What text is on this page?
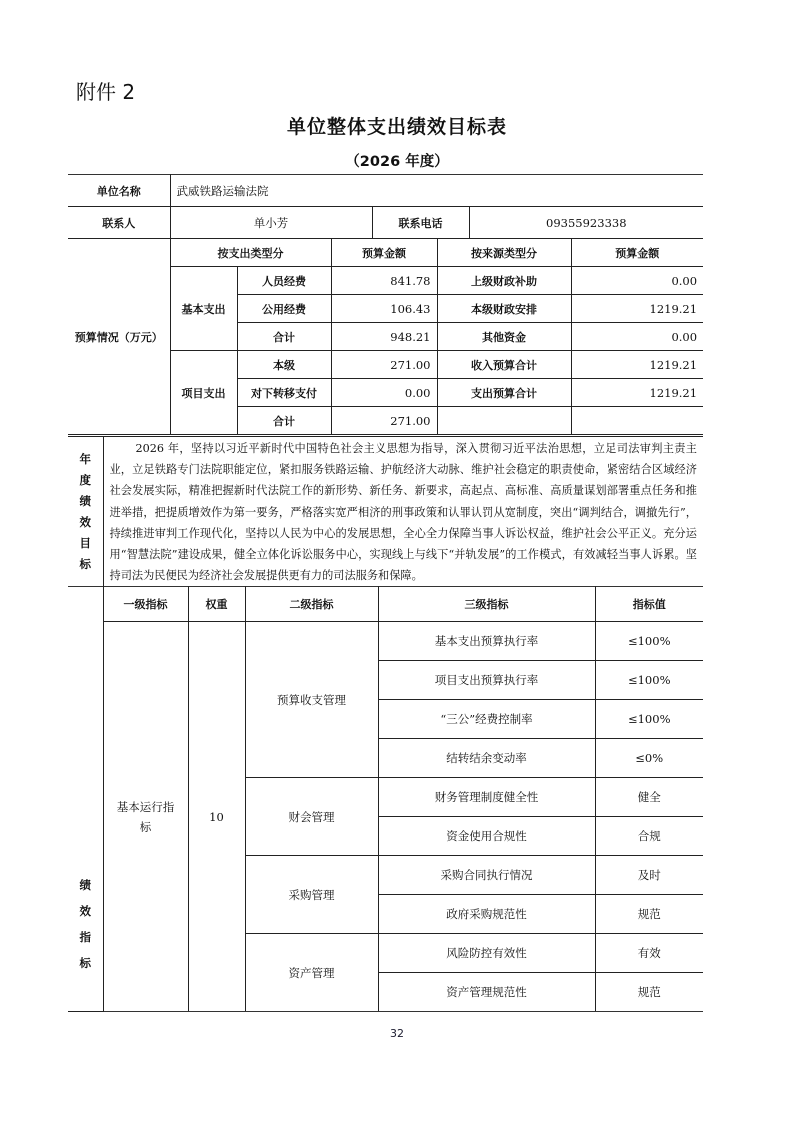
附件 2
单位整体支出绩效目标表
（2026 年度）
单位名称	武威铁路运输法院						
联系人	单小芳			联系电话		09355923338	
预算情况（万元）	按支出类型分		预算金额		按来源类型分		预算金额
	基本支出	人员经费	841.78		上级财政补助		0.00
		公用经费	106.43		本级财政安排		1219.21
		合计	948.21		其他资金		0.00
	项目支出	本级	271.00		收入预算合计		1219.21
		对下转移支付	0.00		支出预算合计		1219.21
		合计	271.00				
年度绩效目标

2026 年，坚持以习近平新时代中国特色社会主义思想为指导，深入贯彻习近平法治思想，立足司法审判主责主业，立足铁路专门法院职能定位，紧扣服务铁路运输、护航经济大动脉、维护社会稳定的职责使命，紧密结合区域经济社会发展实际，精准把握新时代法院工作的新形势、新任务、新要求，高起点、高标准、高质量谋划部署重点任务和推进举措，把提质增效作为第一要务，严格落实宽严相济的刑事政策和认罪认罚从宽制度，突出“调判结合，调撤先行”，持续推进审判工作现代化，坚持以人民为中心的发展思想，全心全力保障当事人诉讼权益，维护社会公平正义。充分运用“智慧法院”建设成果，健全立体化诉讼服务中心，实现线上与线下“并轨发展”的工作模式，有效减轻当事人诉累。坚持司法为民便民为经济社会发展提供更有力的司法服务和保障。
绩效指标	一级指标	权重	二级指标	三级指标	指标值
	基本运行指标	10	预算收支管理	基本支出预算执行率	≤100%
				项目支出预算执行率	≤100%
				“三公”经费控制率	≤100%
				结转结余变动率	≤0%
			财会管理	财务管理制度健全性	健全
				资金使用合规性	合规
			采购管理	采购合同执行情况	及时
				政府采购规范性	规范
			资产管理	风险防控有效性	有效
				资产管理规范性	规范
32
